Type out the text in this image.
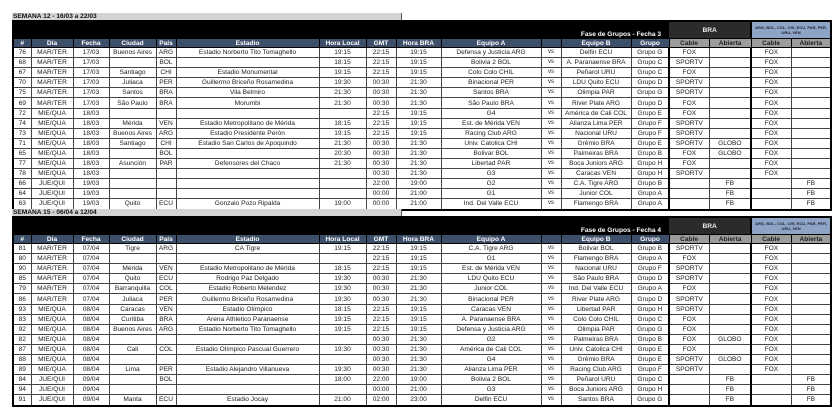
SEMANA 12 - 16/03 a 22/03
Fase de Grupos - Fecha 3													BRA		ARG, BOL, COL, CHI, ECU, PAR, PER, URU, VEN	
#	Día	Fecha	Ciudad	País	Estadio	Hora Local	GMT	Hora BRA	Equipo A		Equipo B	Grupo	Cable	Abierta	Cable	Abierta
76	MAR/TER	17/03	Buenos Aires	ARG	Estadio Norberto Tito Tomaghello	19:15	22:15	19:15	Defensa y Justicia ARG	vs	Delfin ECU	Grupo G	FOX		FOX	
68	MAR/TER	17/03		BOL		18:15	22:15	19:15	Bolivia 2 BOL	vs	A. Paranaense BRA	Grupo C	SPORTV		FOX	
67	MAR/TER	17/03	Santiago	CHI	Estadio Monumental	19:15	22:15	19:15	Colo Colo CHIL	vs	Peñarol URU	Grupo C	FOX		FOX	
70	MAR/TER	17/03	Juliaca	PER	Guillermo Briceño Rosamedina	19:30	00:30	21:30	Binacional PER	vs	LDU Quito ECU	Grupo D	SPORTV		FOX	
75	MAR/TER	17/03	Santos	BRA	Vila Belmiro	21:30	00:30	21:30	Santos BRA	vs	Olimpia PAR	Grupo G	SPORTV		FOX	
69	MAR/TER	17/03	São Paulo	BRA	Morumbi	21:30	00:30	21:30	São Paulo BRA	vs	River Plate ARG	Grupo D	FOX		FOX	
72	MIE/QUA	18/03					22:15	19:15	G4	vs	América de Cali COL	Grupo E	FOX		FOX	
74	MIE/QUA	18/03	Mérida	VEN	Estadio Metropolitano de Mérida	18:15	22:15	19:15	Est. de Mérida VEN	vs	Alianza Lima PER	Grupo F	SPORTV		FOX	
73	MIE/QUA	18/03	Buenos Aires	ARG	Estadio Presidente Perón	19:15	22:15	19:15	Racing Club ARG	vs	Nacional URU	Grupo F	SPORTV		FOX	
71	MIE/QUA	18/03	Santiago	CHI	Estadio San Carlos de Apoquindo	21:30	00:30	21:30	Univ. Catolica CHI	vs	Grêmio BRA	Grupo E	SPORTV	GLOBO	FOX	
65	MIE/QUA	18/03		BOL		20:30	00:30	21:30	Bolivar BOL	vs	Palmeiras BRA	Grupo B	FOX	GLOBO	FOX	
77	MIE/QUA	18/03	Asunción	PAR	Defensores del Chaco	21:30	00:30	21:30	Libertad PAR	vs	Boca Juniors ARG	Grupo H	FOX		FOX	
78	MIE/QUA	18/03					00:30	21:30	G3	vs	Caracas VEN	Grupo H	SPORTV		FOX	
66	JUE/QUI	19/03					22:00	19:00	G2	vs	C.A. Tigre ARG	Grupo B		FB		FB
64	JUE/QUI	19/03					00:00	21:00	G1	vs	Junior COL	Grupo A		FB		FB
63	JUE/QUI	19/03	Quito	ECU	Gonzalo Pozo Ripalda	19:00	00:00	21:00	Ind. Del Valle ECU	vs	Flamengo BRA	Grupo A		FB		FB
SEMANA 15 - 06/04 a 12/04
Fase de Grupos - Fecha 4													BRA		ARG, BOL, COL, CHI, ECU, PAR, PER, URU, VEN	
#	Día	Fecha	Ciudad	País	Estadio	Hora Local	GMT	Hora BRA	Equipo A		Equipo B	Grupo	Cable	Abierta	Cable	Abierta
81	MAR/TER	07/04	Tigre	ARG	CA Tigre	19:15	22:15	19:15	C.A. Tigre ARG	vs	Bolivar BOL	Grupo B	SPORTV		FOX	
80	MAR/TER	07/04					22:15	19:15	G1	vs	Flamengo BRA	Grupo A	FOX		FOX	
90	MAR/TER	07/04	Mérida	VEN	Estadio Metropolitano de Mérida	18:15	22:15	19:15	Est. de Mérida VEN	vs	Nacional URU	Grupo F	SPORTV		FOX	
85	MAR/TER	07/04	Quito	ECU	Rodrigo Paz Delgado	19:30	00:30	21:30	LDU Quito ECU	vs	São Paulo BRA	Grupo D	SPORTV		FOX	
79	MAR/TER	07/04	Barranquilla	COL	Estadio Roberto Melendez	19:30	00:30	21:30	Junior COL	vs	Ind. Del Valle ECU	Grupo A	FOX		FOX	
86	MAR/TER	07/04	Juliaca	PER	Guillermo Briceño Rosamedina	19:30	00:30	21:30	Binacional PER	vs	River Plate ARG	Grupo D	SPORTV		FOX	
93	MIE/QUA	08/04	Caracas	VEN	Estadio Olímpico	18:15	22:15	19:15	Caracas VEN	vs	Libertad PAR	Grupo H	SPORTV		FOX	
83	MIE/QUA	08/04	Curitiba	BRA	Arena Athletico Paranaense	19:15	22:15	19:15	A. Paranaense BRA	vs	Colo Colo CHIL	Grupo C	FOX		FOX	
92	MIE/QUA	08/04	Buenos Aires	ARG	Estadio Norberto Tito Tomaghello	19:15	22:15	19:15	Defensa y Justicia ARG	vs	Olimpia PAR	Grupo G	FOX		FOX	
82	MIE/QUA	08/04					00:30	21:30	G2	vs	Palmeiras BRA	Grupo B	FOX	GLOBO	FOX	
87	MIE/QUA	08/04	Cali	COL	Estadio Olímpico Pascual Guerrero	19:30	00:30	21:30	América de Cali COL	vs	Univ. Catolica CHI	Grupo E	FOX		FOX	
88	MIE/QUA	08/04					00:30	21:30	G4	vs	Grêmio BRA	Grupo E	SPORTV	GLOBO	FOX	
89	MIE/QUA	08/04	Lima	PER	Estadio Alejandro Villanueva	19:30	00:30	21:30	Alianza Lima PER	vs	Racing Club ARG	Grupo F	SPORTV		FOX	
84	JUE/QUI	09/04		BOL		18:00	22:00	19:00	Bolivia 2 BOL	vs	Peñarol URU	Grupo C		FB		FB
94	JUE/QUI	09/04					00:00	21:00	G3	vs	Boca Juniors ARG	Grupo H		FB		FB
91	JUE/QUI	09/04	Manta	ECU	Estadio Jocay	21:00	02:00	23:00	Delfin ECU	vs	Santos BRA	Grupo G		FB		FB
